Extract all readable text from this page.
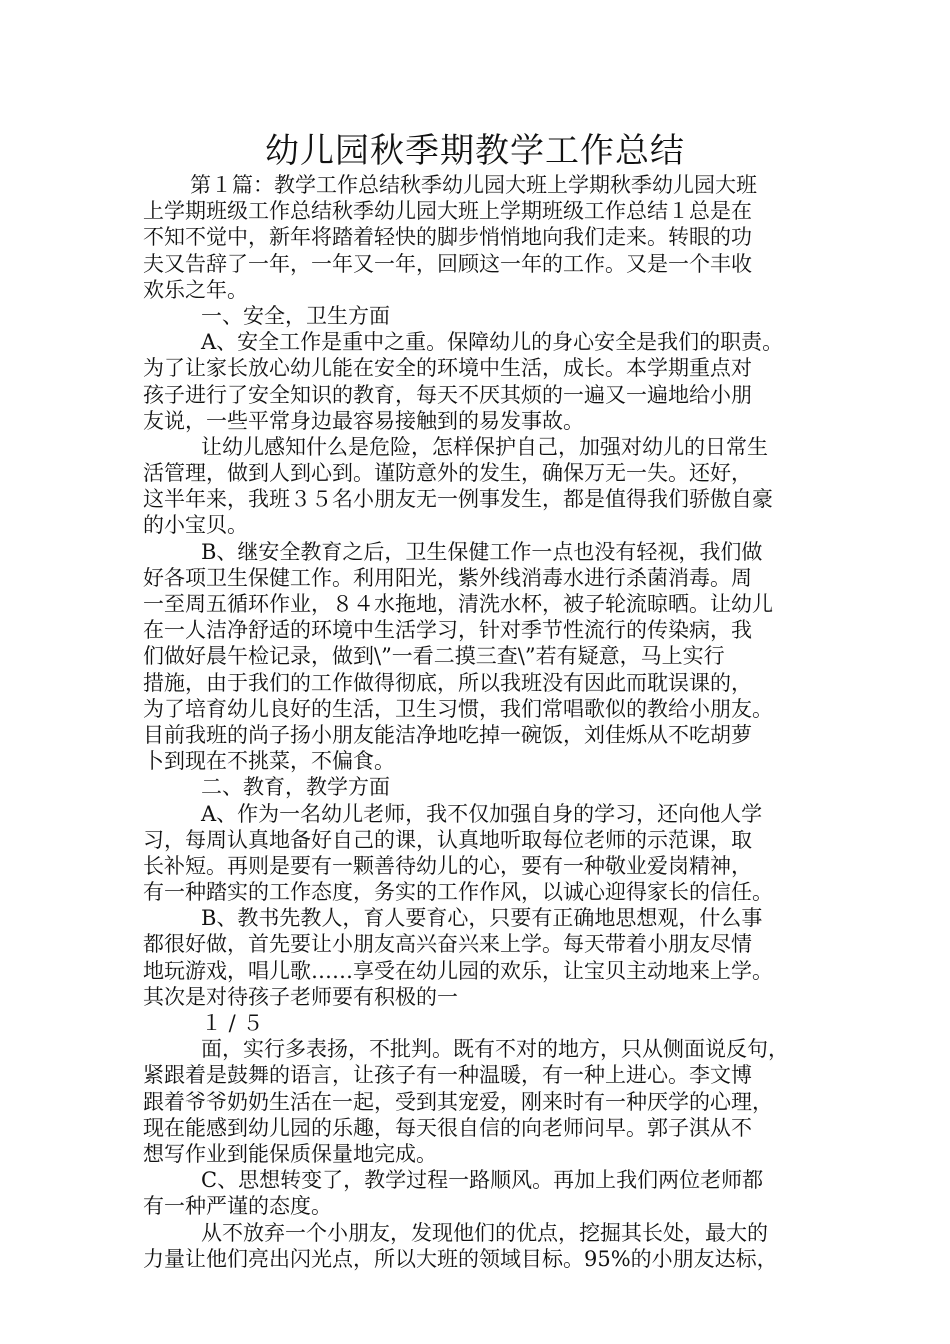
幼儿园秋季期教学工作总结
第１篇：教学工作总结秋季幼儿园大班上学期秋季幼儿园大班
上学期班级工作总结秋季幼儿园大班上学期班级工作总结１总是在
不知不觉中，新年将踏着轻快的脚步悄悄地向我们走来。转眼的功
夫又告辞了一年，一年又一年，回顾这一年的工作。又是一个丰收
欢乐之年。
一、安全，卫生方面
A、安全工作是重中之重。保障幼儿的身心安全是我们的职责。
为了让家长放心幼儿能在安全的环境中生活，成长。本学期重点对
孩子进行了安全知识的教育，每天不厌其烦的一遍又一遍地给小朋
友说，一些平常身边最容易接触到的易发事故。
让幼儿感知什么是危险，怎样保护自己，加强对幼儿的日常生
活管理，做到人到心到。谨防意外的发生，确保万无一失。还好，
这半年来，我班３５名小朋友无一例事发生，都是值得我们骄傲自豪
的小宝贝。
B、继安全教育之后，卫生保健工作一点也没有轻视，我们做
好各项卫生保健工作。利用阳光，紫外线消毒水进行杀菌消毒。周
一至周五循环作业，８４水拖地，清洗水杯，被子轮流晾晒。让幼儿
在一人洁净舒适的环境中生活学习，针对季节性流行的传染病，我
们做好晨午检记录，做到\”一看二摸三查\”若有疑意，马上实行
措施，由于我们的工作做得彻底，所以我班没有因此而耽误课的，
为了培育幼儿良好的生活，卫生习惯，我们常唱歌似的教给小朋友。
目前我班的尚子扬小朋友能洁净地吃掉一碗饭，刘佳烁从不吃胡萝
卜到现在不挑菜，不偏食。
二、教育，教学方面
A、作为一名幼儿老师，我不仅加强自身的学习，还向他人学
习，每周认真地备好自己的课，认真地听取每位老师的示范课，取
长补短。再则是要有一颗善待幼儿的心，要有一种敬业爱岗精神，
有一种踏实的工作态度，务实的工作作风，以诚心迎得家长的信任。
B、教书先教人，育人要育心，只要有正确地思想观，什么事
都很好做，首先要让小朋友高兴奋兴来上学。每天带着小朋友尽情
地玩游戏，唱儿歌……享受在幼儿园的欢乐，让宝贝主动地来上学。
其次是对待孩子老师要有积极的一
１ / ５
面，实行多表扬，不批判。既有不对的地方，只从侧面说反句，
紧跟着是鼓舞的语言，让孩子有一种温暖，有一种上进心。李文博
跟着爷爷奶奶生活在一起，受到其宠爱，刚来时有一种厌学的心理，
现在能感到幼儿园的乐趣，每天很自信的向老师问早。郭子淇从不
想写作业到能保质保量地完成。
C、思想转变了，教学过程一路顺风。再加上我们两位老师都
有一种严谨的态度。
从不放弃一个小朋友，发现他们的优点，挖掘其长处，最大的
力量让他们亮出闪光点，所以大班的领域目标。95%的小朋友达标，
